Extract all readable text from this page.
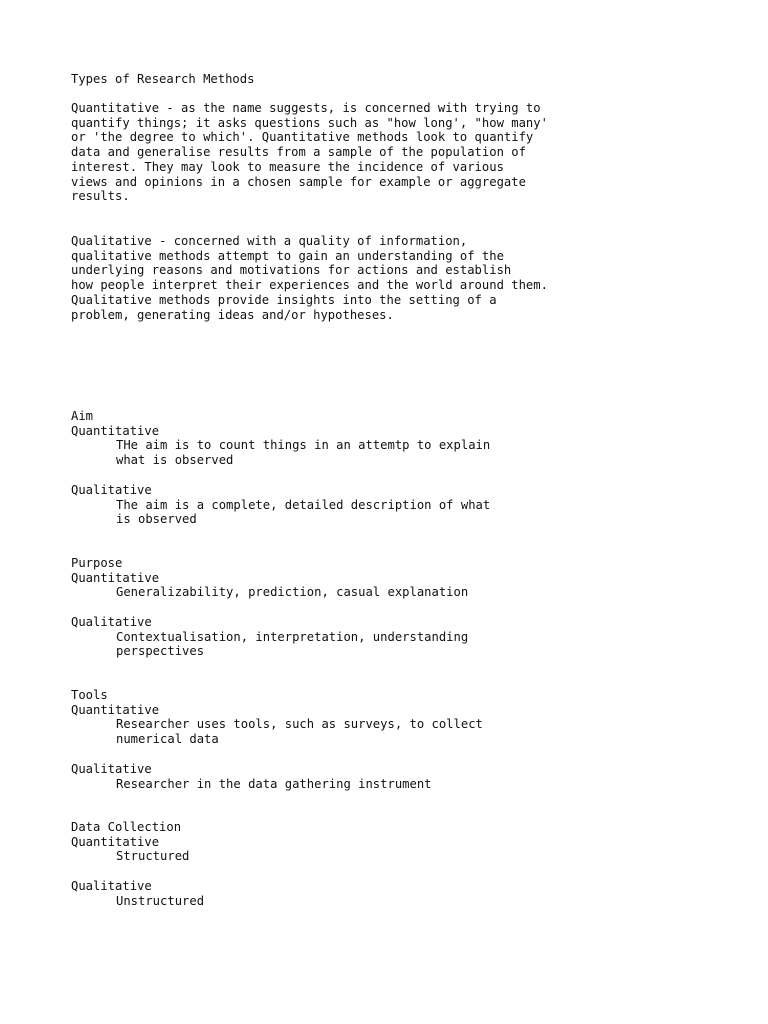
Types of Research Methods
Quantitative - as the name suggests, is concerned with trying to
quantify things; it asks questions such as "how long', "how many'
or 'the degree to which'. Quantitative methods look to quantify
data and generalise results from a sample of the population of
interest. They may look to measure the incidence of various
views and opinions in a chosen sample for example or aggregate
results.
Qualitative - concerned with a quality of information,
qualitative methods attempt to gain an understanding of the
underlying reasons and motivations for actions and establish
how people interpret their experiences and the world around them.
Qualitative methods provide insights into the setting of a
problem, generating ideas and/or hypotheses.
Aim
Quantitative
THe aim is to count things in an attemtp to explain
what is observed
Qualitative
The aim is a complete, detailed description of what
is observed
Purpose
Quantitative
Generalizability, prediction, casual explanation
Qualitative
Contextualisation, interpretation, understanding
perspectives
Tools
Quantitative
Researcher uses tools, such as surveys, to collect
numerical data
Qualitative
Researcher in the data gathering instrument
Data Collection
Quantitative
Structured
Qualitative
Unstructured
